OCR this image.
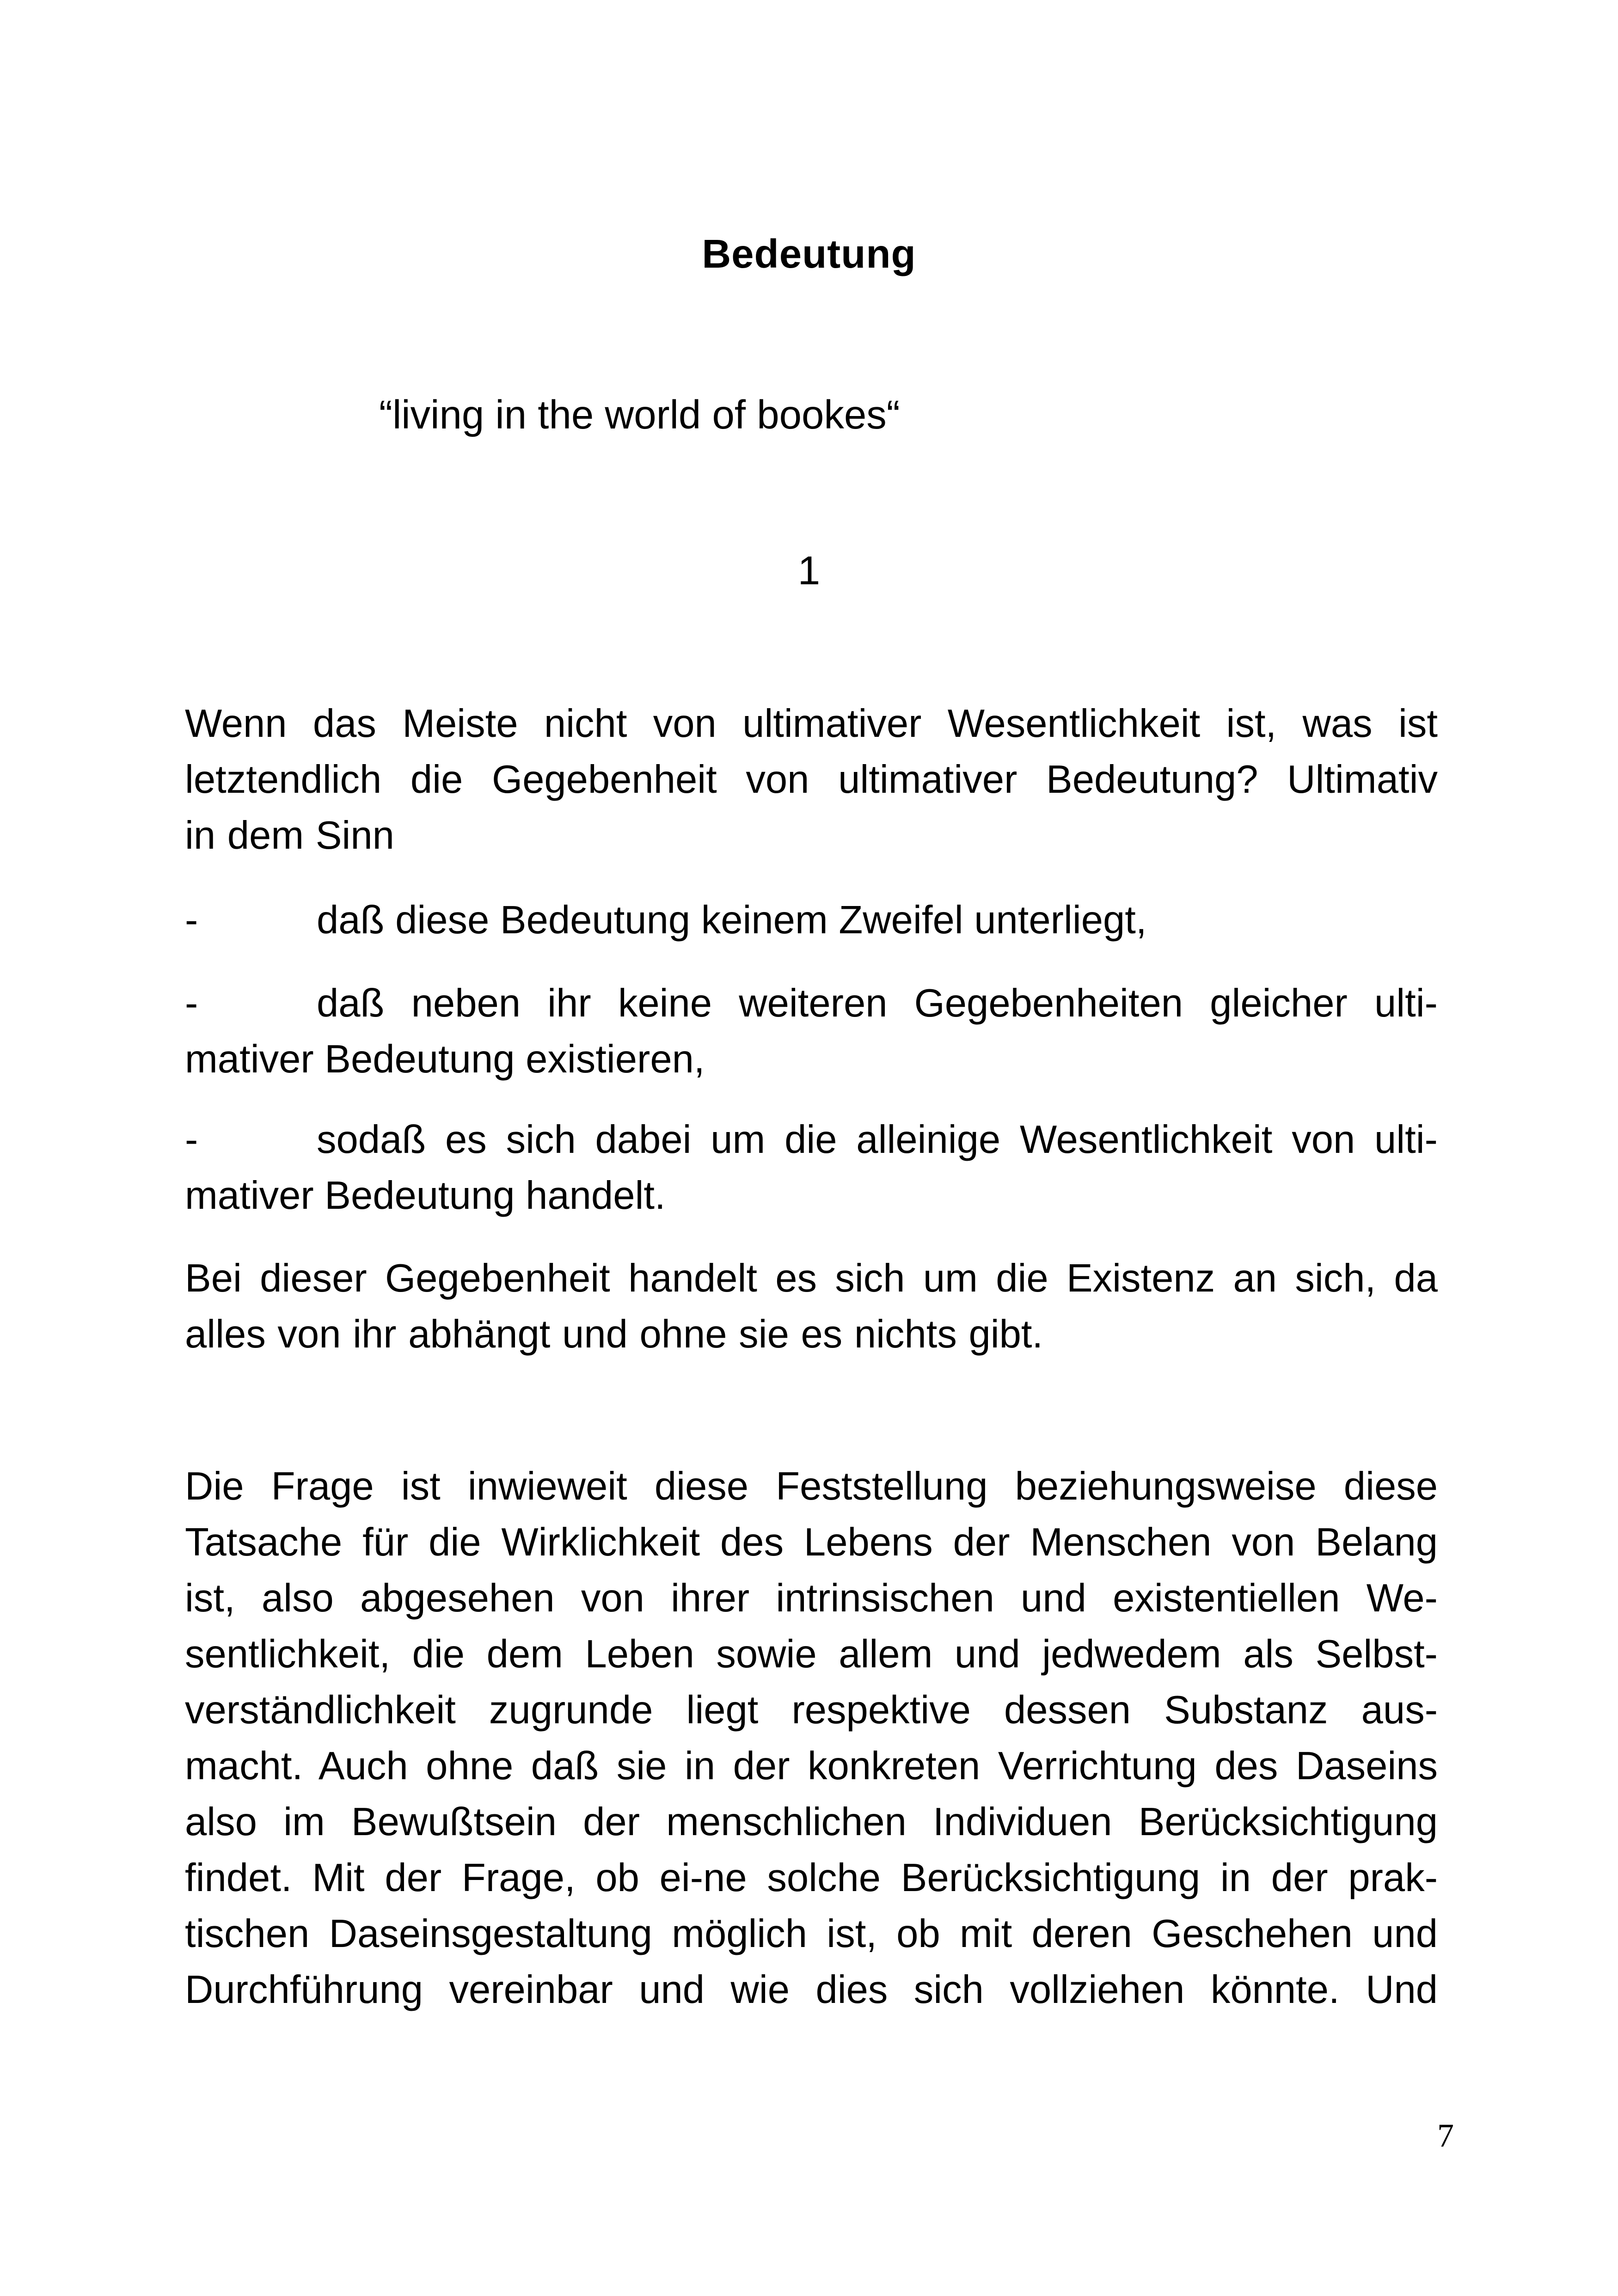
Bedeutung
“living in the world of bookes“
1

Wenn das Meiste nicht von ultimativer Wesentlichkeit ist, was ist

letztendlich die Gegebenheit von ultimativer Bedeutung? Ultimativ

in dem Sinn

-	daß diese Bedeutung keinem Zweifel unterliegt,
-	daß neben ihr keine weiteren Gegebenheiten gleicher ulti-
mativer Bedeutung existieren,
-	sodaß es sich dabei um die alleinige Wesentlichkeit von ulti-
mativer Bedeutung handelt.

Bei dieser Gegebenheit handelt es sich um die Existenz an sich, da

alles von ihr abhängt und ohne sie es nichts gibt.

Die Frage ist inwieweit diese Feststellung beziehungsweise diese

Tatsache für die Wirklichkeit des Lebens der Menschen von Belang

ist, also abgesehen von ihrer intrinsischen und existentiellen We-

sentlichkeit, die dem Leben sowie allem und jedwedem als Selbst-

verständlichkeit zugrunde liegt respektive dessen Substanz aus-

macht. Auch ohne daß sie in der konkreten Verrichtung des Daseins

also im Bewußtsein der menschlichen Individuen Berücksichtigung

findet. Mit der Frage, ob ei-ne solche Berücksichtigung in der prak-

tischen Daseinsgestaltung möglich ist, ob mit deren Geschehen und

Durchführung vereinbar und wie dies sich vollziehen könnte. Und

7
